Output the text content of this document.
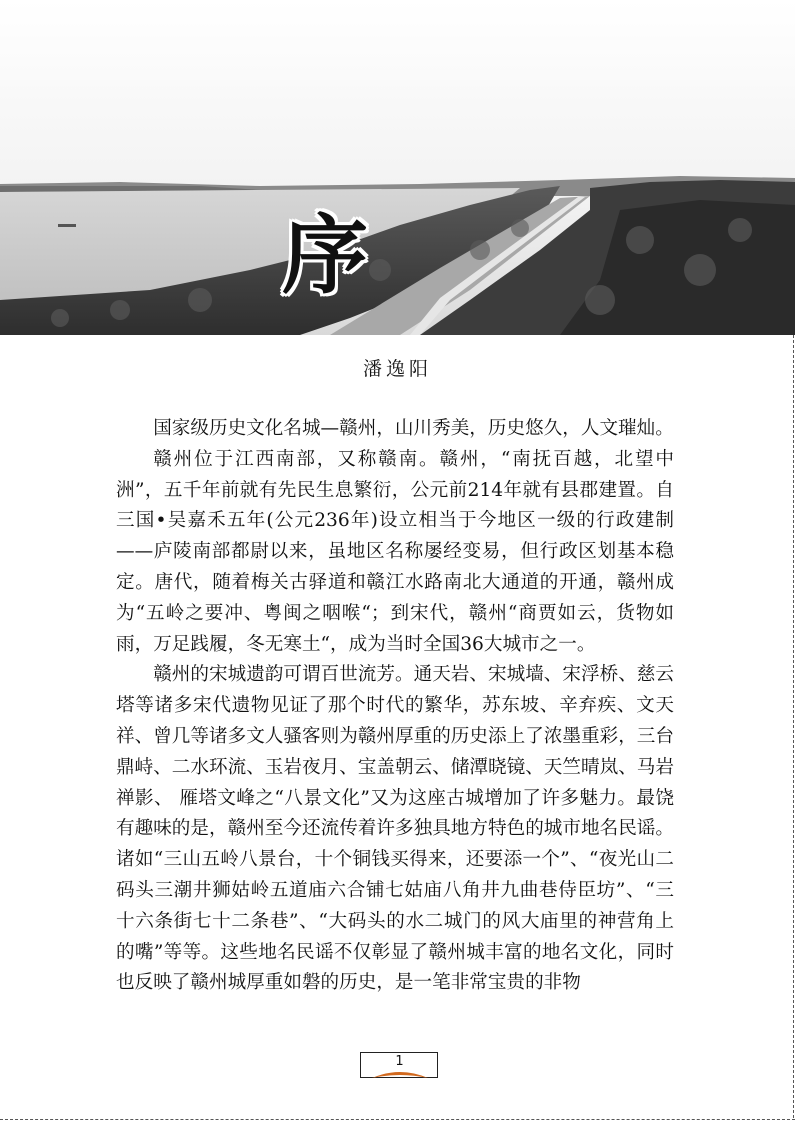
序
潘逸阳

国家级历史文化名城—赣州，山川秀美，历史悠久，人文璀灿。

赣州位于江西南部，又称赣南。赣州，“南抚百越，北望中洲”，五千年前就有先民生息繁衍，公元前214年就有县郡建置。自三国•吴嘉禾五年(公元236年)设立相当于今地区一级的行政建制——庐陵南部都尉以来，虽地区名称屡经变易，但行政区划基本稳定。唐代，随着梅关古驿道和赣江水路南北大通道的开通，赣州成为“五岭之要冲、粤闽之咽喉“；到宋代，赣州“商贾如云，货物如雨，万足践履，冬无寒土“，成为当时全国36大城市之一。

赣州的宋城遗韵可谓百世流芳。通天岩、宋城墙、宋浮桥、慈云塔等诸多宋代遗物见证了那个时代的繁华，苏东坡、辛弃疾、文天祥、曾几等诸多文人骚客则为赣州厚重的历史添上了浓墨重彩，三台鼎峙、二水环流、玉岩夜月、宝盖朝云、储潭晓镜、天竺晴岚、马岩禅影、 雁塔文峰之“八景文化”又为这座古城增加了许多魅力。最饶有趣味的是，赣州至今还流传着许多独具地方特色的城市地名民谣。诸如“三山五岭八景台，十个铜钱买得来，还要添一个”、“夜光山二码头三潮井狮姑岭五道庙六合铺七姑庙八角井九曲巷侍臣坊”、“三十六条街七十二条巷”、“大码头的水二城门的风大庙里的神营角上的嘴”等等。这些地名民谣不仅彰显了赣州城丰富的地名文化，同时也反映了赣州城厚重如磐的历史，是一笔非常宝贵的非物

1
